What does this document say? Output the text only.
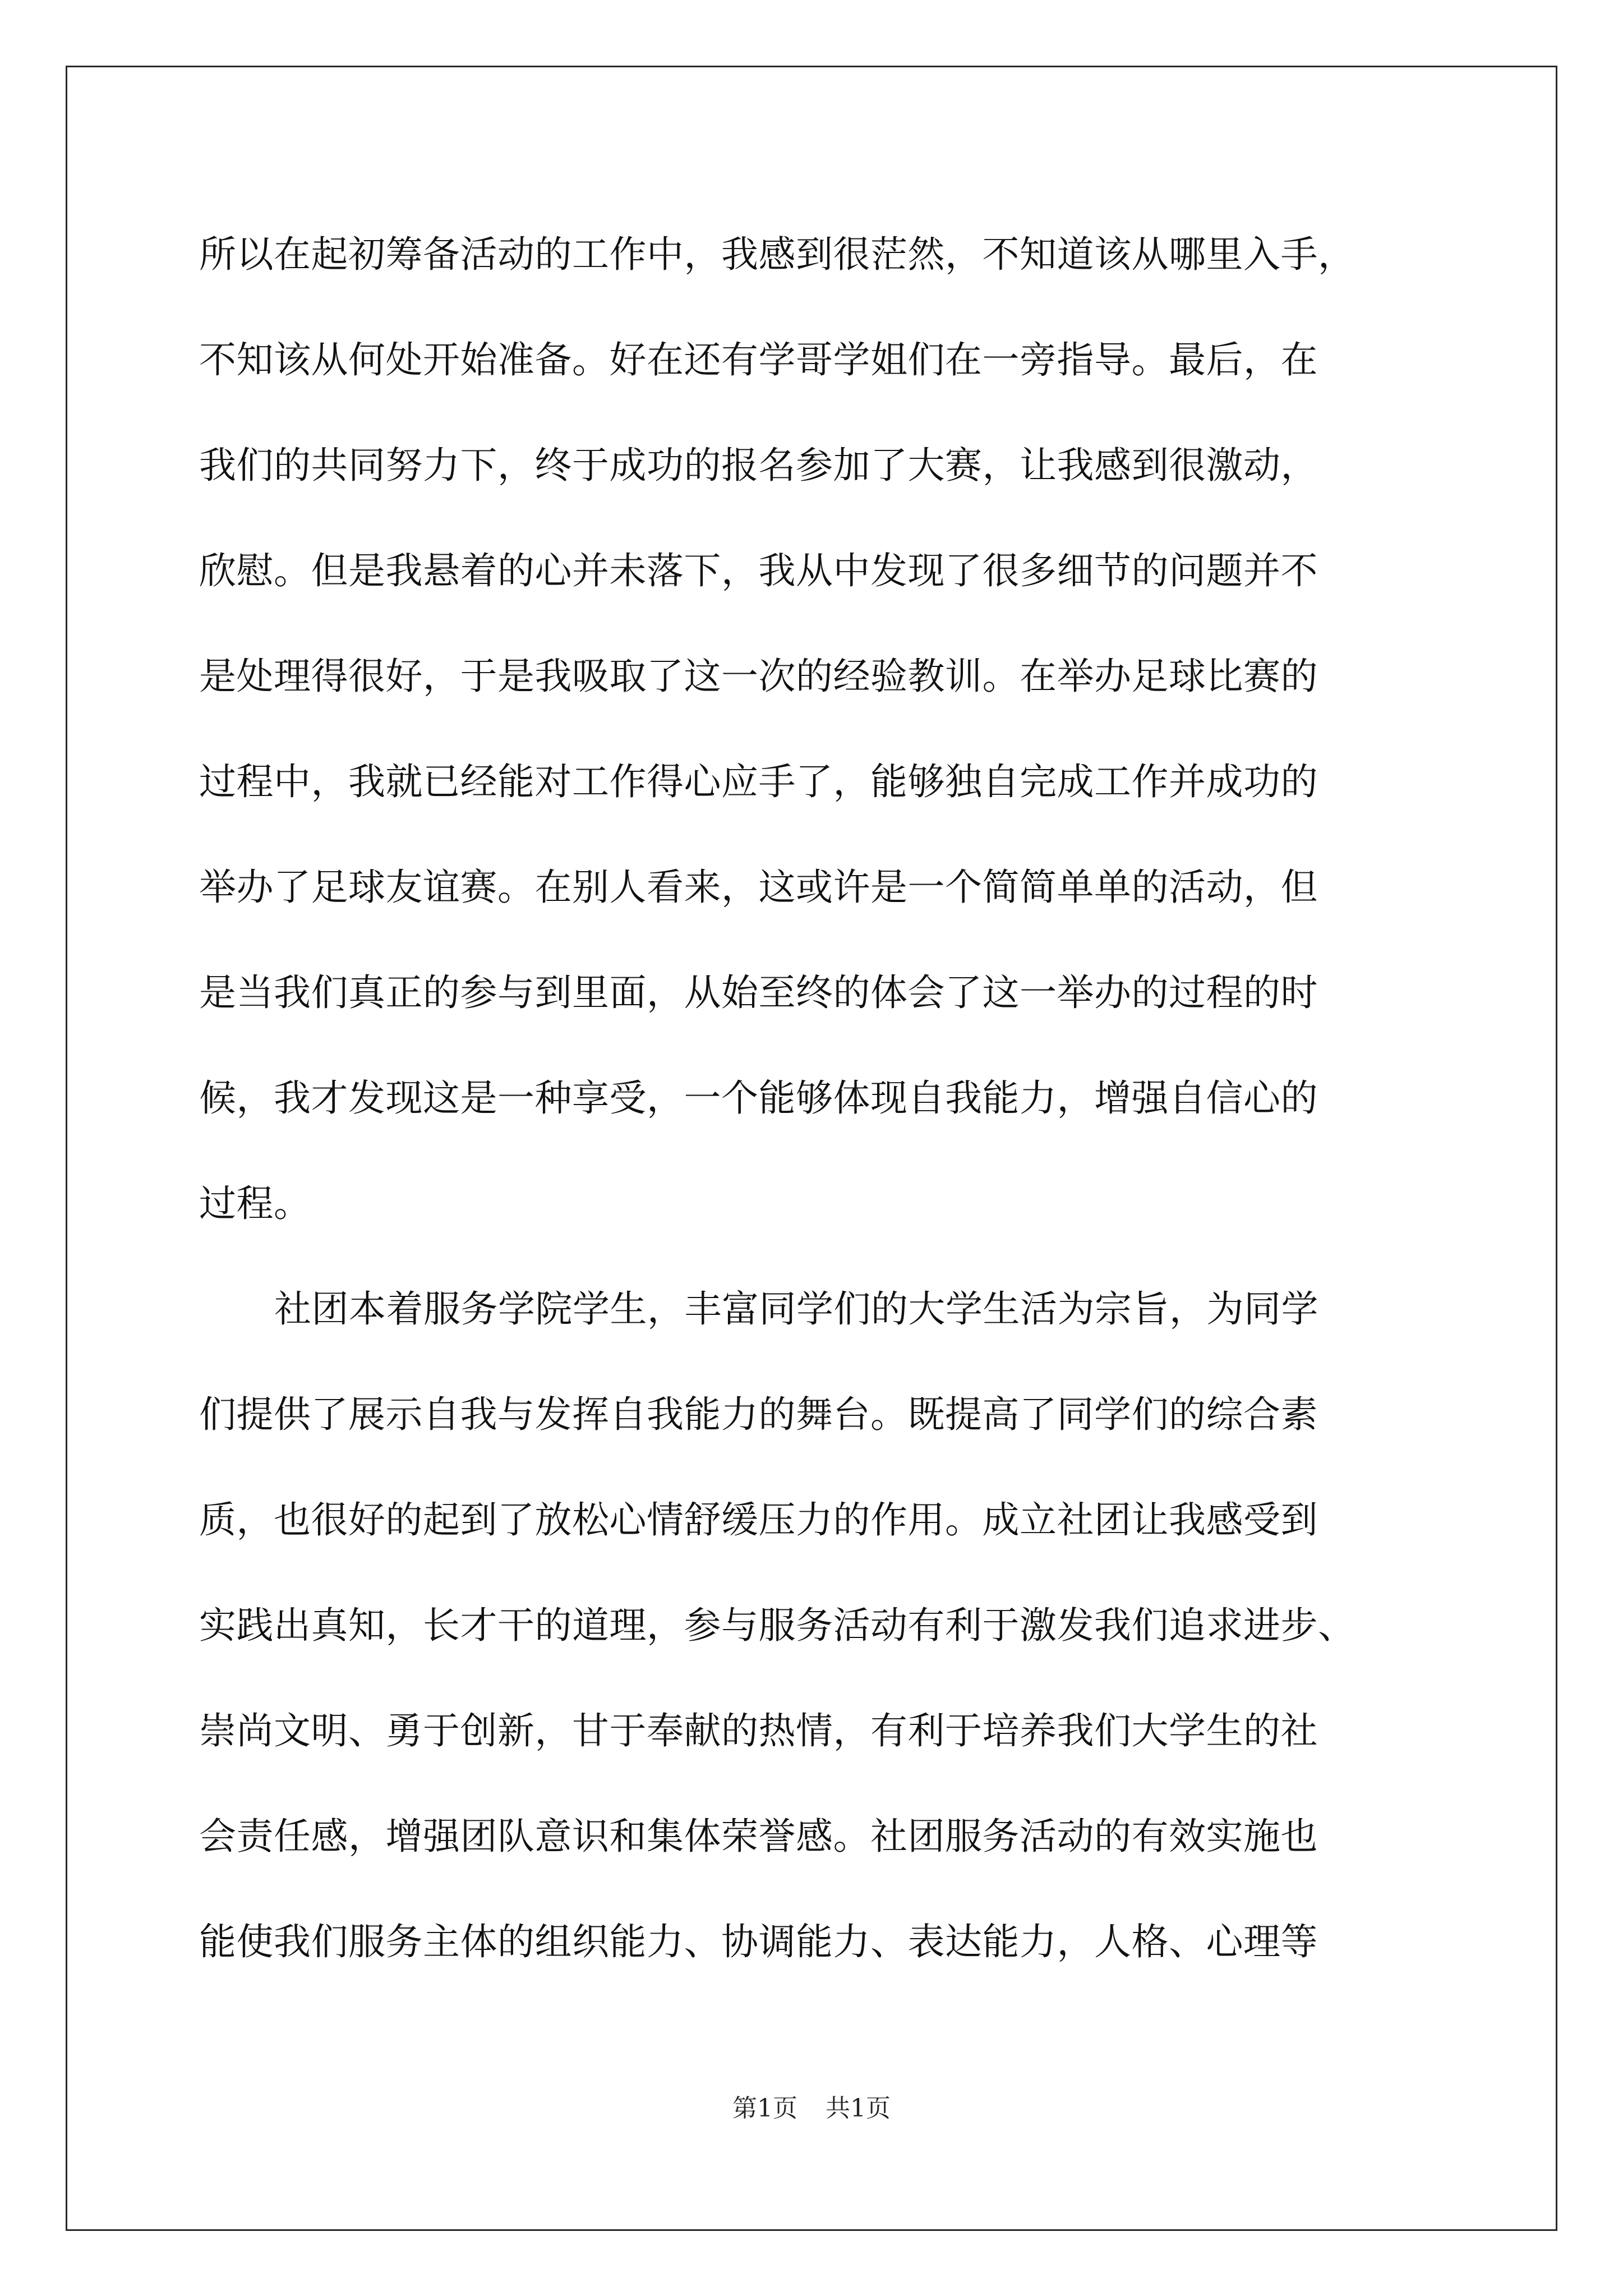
所以在起初筹备活动的工作中，我感到很茫然，不知道该从哪里入手，
不知该从何处开始准备。好在还有学哥学姐们在一旁指导。最后，在
我们的共同努力下，终于成功的报名参加了大赛，让我感到很激动，
欣慰。但是我悬着的心并未落下，我从中发现了很多细节的问题并不
是处理得很好，于是我吸取了这一次的经验教训。在举办足球比赛的
过程中，我就已经能对工作得心应手了，能够独自完成工作并成功的
举办了足球友谊赛。在别人看来，这或许是一个简简单单的活动，但
是当我们真正的参与到里面，从始至终的体会了这一举办的过程的时
候，我才发现这是一种享受，一个能够体现自我能力，增强自信心的
过程。
社团本着服务学院学生，丰富同学们的大学生活为宗旨，为同学
们提供了展示自我与发挥自我能力的舞台。既提高了同学们的综合素
质，也很好的起到了放松心情舒缓压力的作用。成立社团让我感受到
实践出真知，长才干的道理，参与服务活动有利于激发我们追求进步、
崇尚文明、勇于创新，甘于奉献的热情，有利于培养我们大学生的社
会责任感，增强团队意识和集体荣誉感。社团服务活动的有效实施也
能使我们服务主体的组织能力、协调能力、表达能力，人格、心理等
第1页 共1页
